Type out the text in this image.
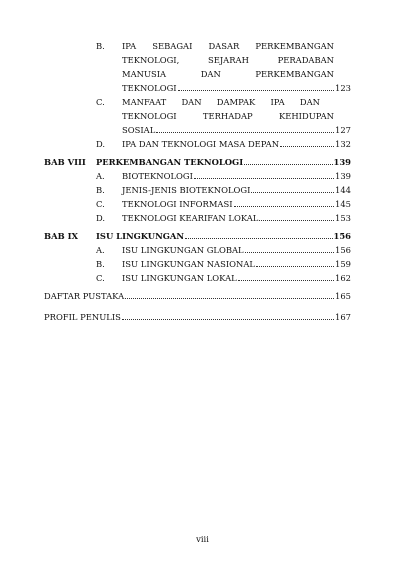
B. IPA SEBAGAI DASAR PERKEMBANGAN
TEKNOLOGI, SEJARAH PERADABAN
MANUSIA DAN PERKEMBANGAN
TEKNOLOGI	123
C. MANFAAT DAN DAMPAK IPA DAN
TEKNOLOGI TERHADAP KEHIDUPAN
SOSIAL	127
D. IPA DAN TEKNOLOGI MASA DEPAN	132
BAB VIII PERKEMBANGAN TEKNOLOGI	139
A. BIOTEKNOLOGI	139
B. JENIS-JENIS BIOTEKNOLOGI	144
C. TEKNOLOGI INFORMASI	145
D. TEKNOLOGI KEARIFAN LOKAL	153
BAB IX ISU LINGKUNGAN	156
A. ISU LINGKUNGAN GLOBAL	156
B. ISU LINGKUNGAN NASIONAL	159
C. ISU LINGKUNGAN LOKAL	162
DAFTAR PUSTAKA	165
PROFIL PENULIS	167
viii
